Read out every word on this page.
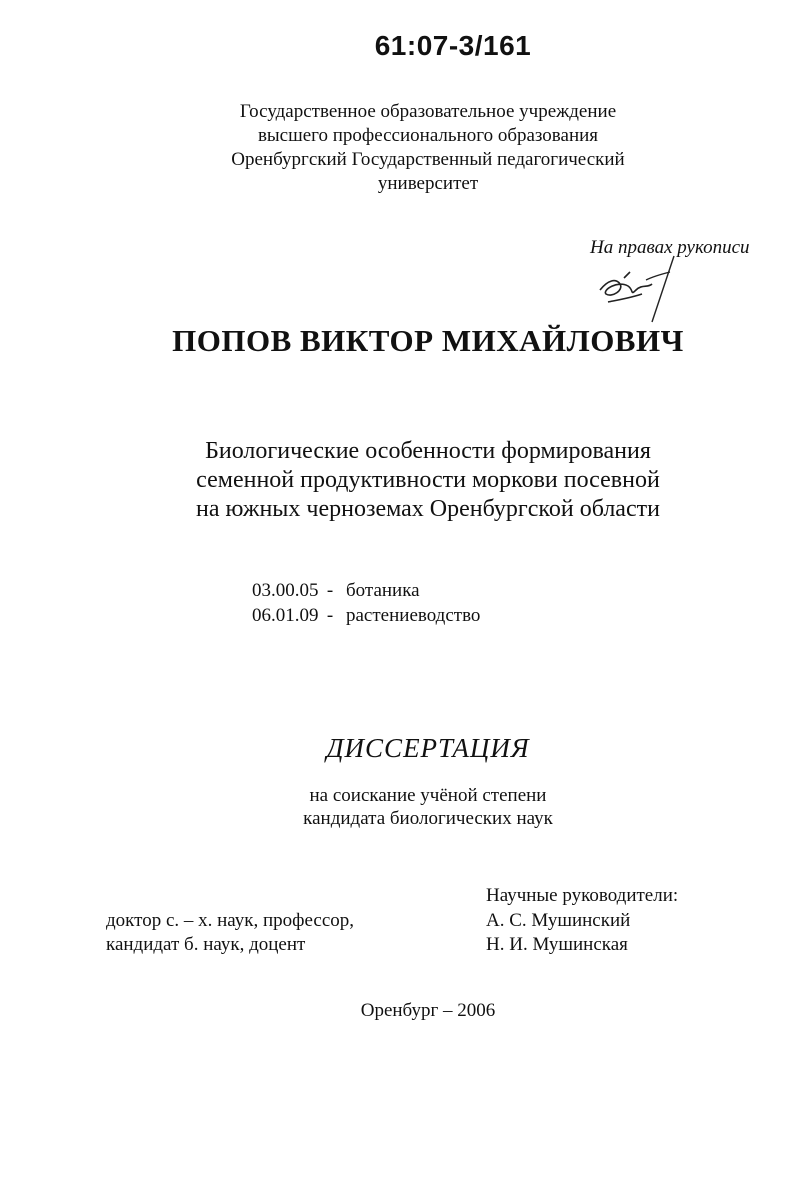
61:07-3/161
Государственное образовательное учреждение
высшего профессионального образования
Оренбургский Государственный педагогический
университет
На правах рукописи
ПОПОВ ВИКТОР МИХАЙЛОВИЧ
Биологические особенности формирования
семенной продуктивности моркови посевной
на южных черноземах Оренбургской области
03.00.05 - ботаника
06.01.09 - растениеводство
ДИССЕРТАЦИЯ
на соискание учёной степени
кандидата биологических наук
Научные руководители:
доктор с. – х. наук, профессор,
кандидат б. наук, доцент
А. С. Мушинский
Н. И. Мушинская
Оренбург – 2006
